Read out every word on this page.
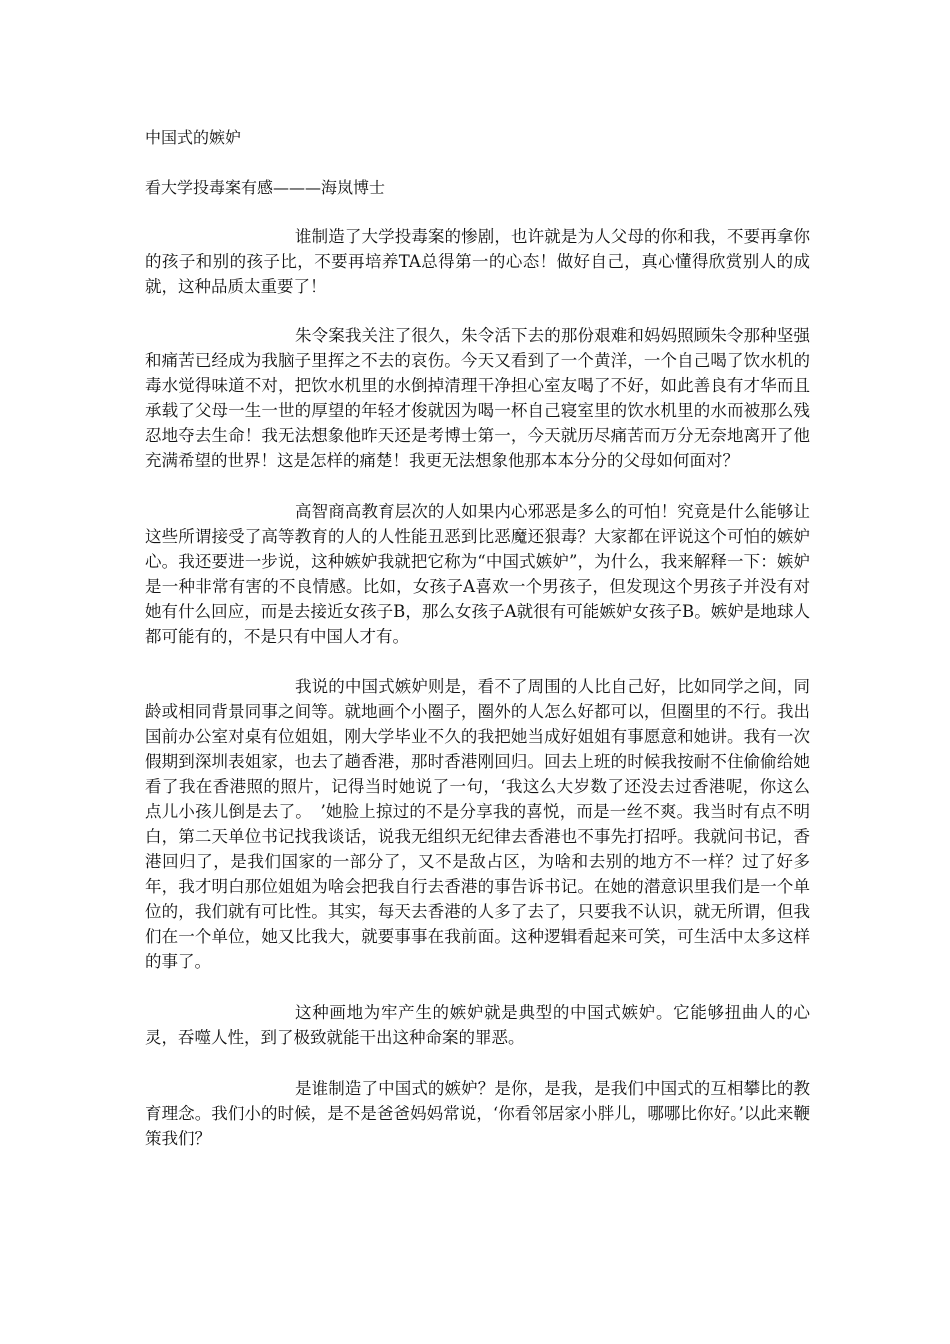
中国式的嫉妒
看大学投毒案有感———海岚博士

谁制造了大学投毒案的惨剧，也许就是为人父母的你和我，不要再拿你的孩子和别的孩子比，不要再培养TA总得第一的心态！做好自己，真心懂得欣赏别人的成就，这种品质太重要了！

朱令案我关注了很久，朱令活下去的那份艰难和妈妈照顾朱令那种坚强和痛苦已经成为我脑子里挥之不去的哀伤。今天又看到了一个黄洋，一个自己喝了饮水机的毒水觉得味道不对，把饮水机里的水倒掉清理干净担心室友喝了不好，如此善良有才华而且承载了父母一生一世的厚望的年轻才俊就因为喝一杯自己寝室里的饮水机里的水而被那么残忍地夺去生命！我无法想象他昨天还是考博士第一，今天就历尽痛苦而万分无奈地离开了他充满希望的世界！这是怎样的痛楚！我更无法想象他那本本分分的父母如何面对？

高智商高教育层次的人如果内心邪恶是多么的可怕！究竟是什么能够让这些所谓接受了高等教育的人的人性能丑恶到比恶魔还狠毒？大家都在评说这个可怕的嫉妒心。我还要进一步说，这种嫉妒我就把它称为“中国式嫉妒”，为什么，我来解释一下：嫉妒是一种非常有害的不良情感。比如，女孩子A喜欢一个男孩子，但发现这个男孩子并没有对她有什么回应，而是去接近女孩子B，那么女孩子A就很有可能嫉妒女孩子B。嫉妒是地球人都可能有的，不是只有中国人才有。

我说的中国式嫉妒则是，看不了周围的人比自己好，比如同学之间，同龄或相同背景同事之间等。就地画个小圈子，圈外的人怎么好都可以，但圈里的不行。我出国前办公室对桌有位姐姐，刚大学毕业不久的我把她当成好姐姐有事愿意和她讲。我有一次假期到深圳表姐家，也去了趟香港，那时香港刚回归。回去上班的时候我按耐不住偷偷给她看了我在香港照的照片，记得当时她说了一句，‘我这么大岁数了还没去过香港呢，你这么点儿小孩儿倒是去了。　’她脸上掠过的不是分享我的喜悦，而是一丝不爽。我当时有点不明白，第二天单位书记找我谈话，说我无组织无纪律去香港也不事先打招呼。我就问书记，香港回归了，是我们国家的一部分了，又不是敌占区，为啥和去别的地方不一样？过了好多年，我才明白那位姐姐为啥会把我自行去香港的事告诉书记。在她的潜意识里我们是一个单位的，我们就有可比性。其实，每天去香港的人多了去了，只要我不认识，就无所谓，但我们在一个单位，她又比我大，就要事事在我前面。这种逻辑看起来可笑，可生活中太多这样的事了。

这种画地为牢产生的嫉妒就是典型的中国式嫉妒。它能够扭曲人的心灵，吞噬人性，到了极致就能干出这种命案的罪恶。

是谁制造了中国式的嫉妒？是你，是我，是我们中国式的互相攀比的教育理念。我们小的时候，是不是爸爸妈妈常说，‘你看邻居家小胖儿，哪哪比你好。’以此来鞭策我们？
